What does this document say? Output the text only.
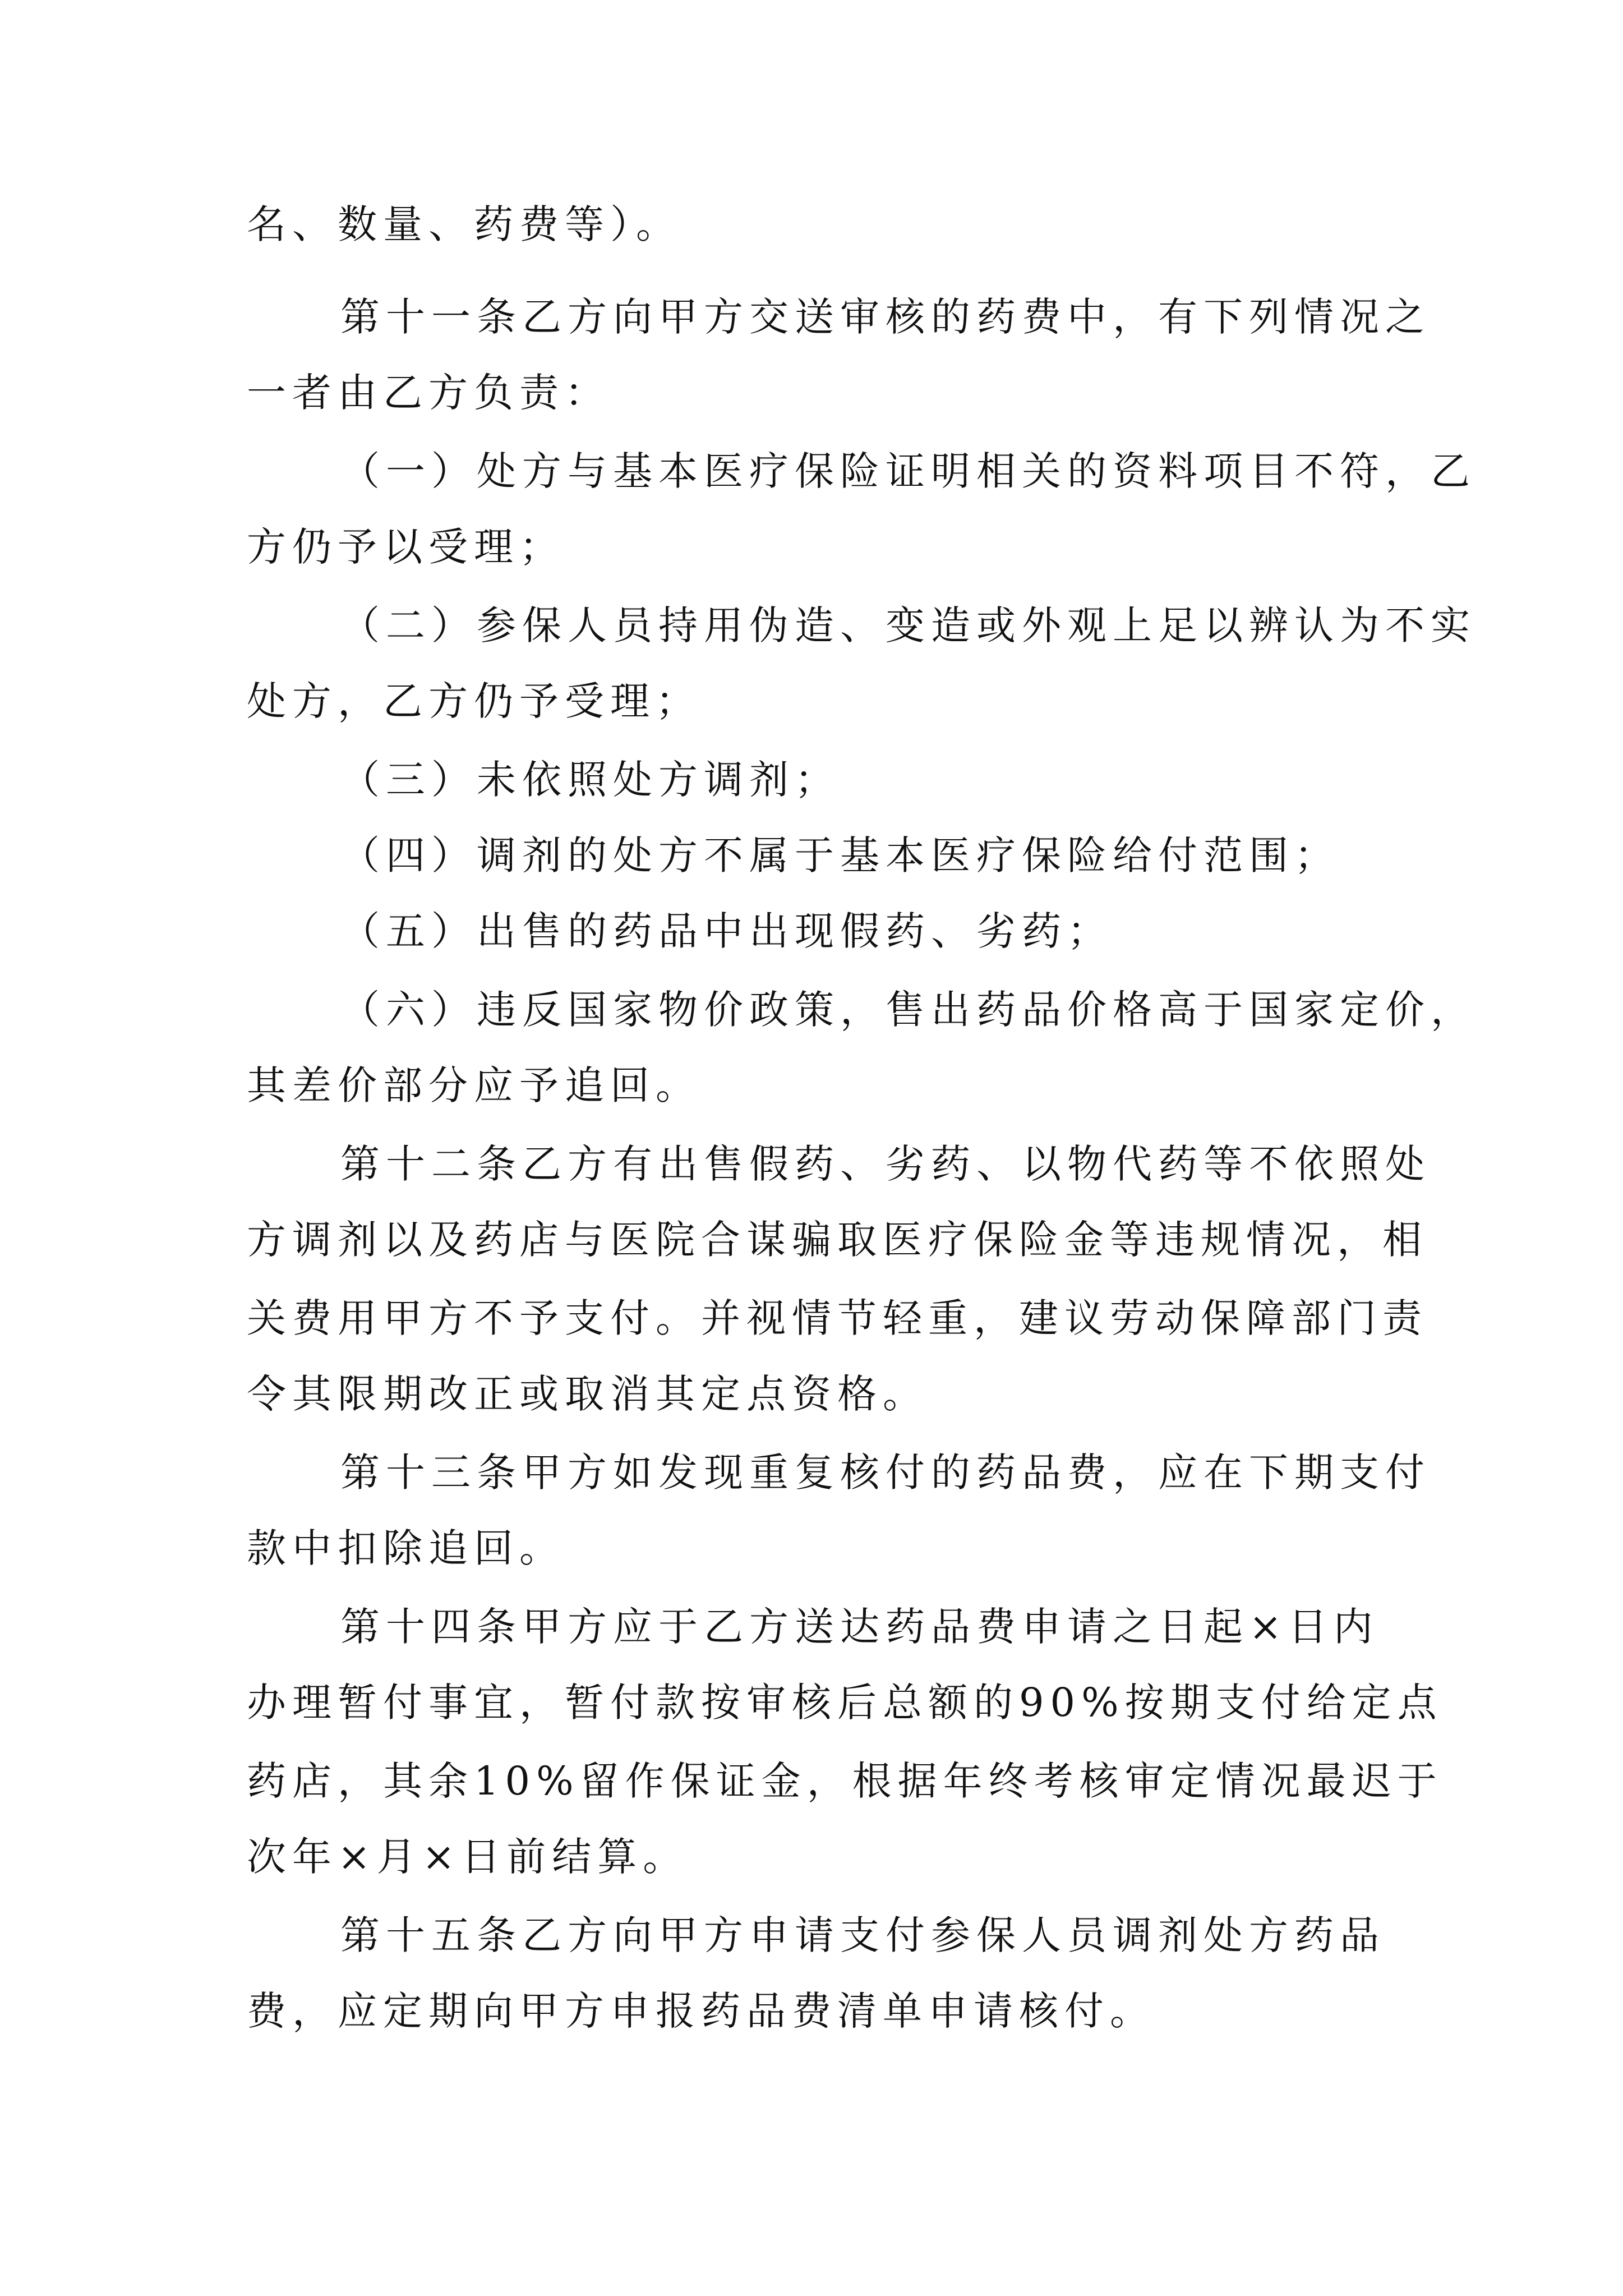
名、数量、药费等）。
第十一条乙方向甲方交送审核的药费中，有下列情况之
一者由乙方负责：
（一）处方与基本医疗保险证明相关的资料项目不符，乙
方仍予以受理；
（二）参保人员持用伪造、变造或外观上足以辨认为不实
处方，乙方仍予受理；
（三）未依照处方调剂；
（四）调剂的处方不属于基本医疗保险给付范围；
（五）出售的药品中出现假药、劣药；
（六）违反国家物价政策，售出药品价格高于国家定价，
其差价部分应予追回。
第十二条乙方有出售假药、劣药、以物代药等不依照处
方调剂以及药店与医院合谋骗取医疗保险金等违规情况，相
关费用甲方不予支付。并视情节轻重，建议劳动保障部门责
令其限期改正或取消其定点资格。
第十三条甲方如发现重复核付的药品费，应在下期支付
款中扣除追回。
第十四条甲方应于乙方送达药品费申请之日起×日内
办理暂付事宜，暂付款按审核后总额的90%按期支付给定点
药店，其余10%留作保证金，根据年终考核审定情况最迟于
次年×月×日前结算。
第十五条乙方向甲方申请支付参保人员调剂处方药品
费，应定期向甲方申报药品费清单申请核付。
